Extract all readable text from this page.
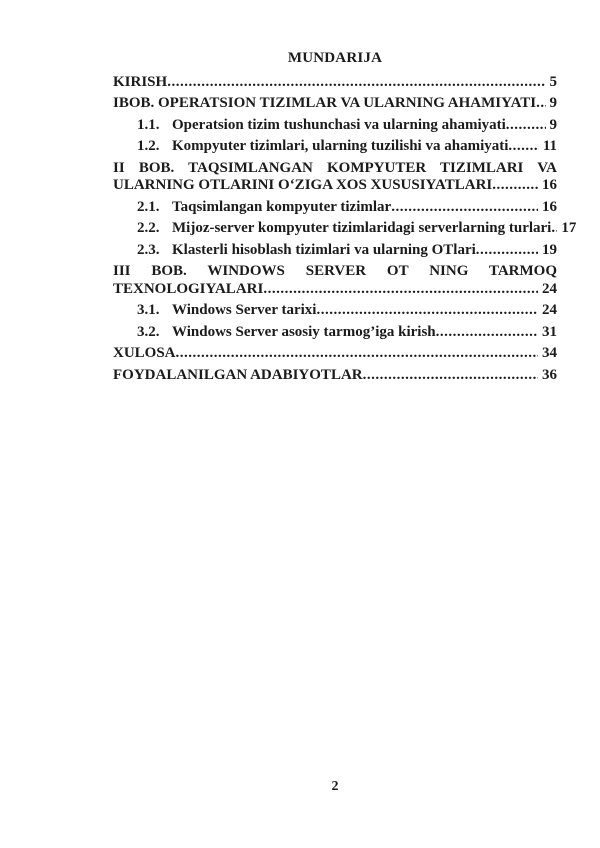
MUNDARIJA
KIRISH .....	5
IBOB. OPERATSION TIZIMLAR VA ULARNING AHAMIYATI ..... 9
1.1. Operatsion tizim tushunchasi va ularning ahamiyati .....	9
1.2. Kompyuter tizimlari, ularning tuzilishi va ahamiyati ..... 11
II BOB. TAQSIMLANGAN KOMPYUTER TIZIMLARI VA
ULARNING OTLARINI O‘ZIGA XOS XUSUSIYATLARI .....	16
2.1. Taqsimlangan kompyuter tizimlar .....	16
2.2. Mijoz-server kompyuter tizimlaridagi serverlarning turlari ..... 17
2.3. Klasterli hisoblash tizimlari va ularning OTlari .....	19
III BOB. WINDOWS SERVER OT NING TARMOQ
TEXNOLOGIYALARI .....	24
3.1. Windows Server tarixi .....	24
3.2. Windows Server asosiy tarmog’iga kirish .....	31
XULOSA .....	34
FOYDALANILGAN ADABIYOTLAR .....	36
2
